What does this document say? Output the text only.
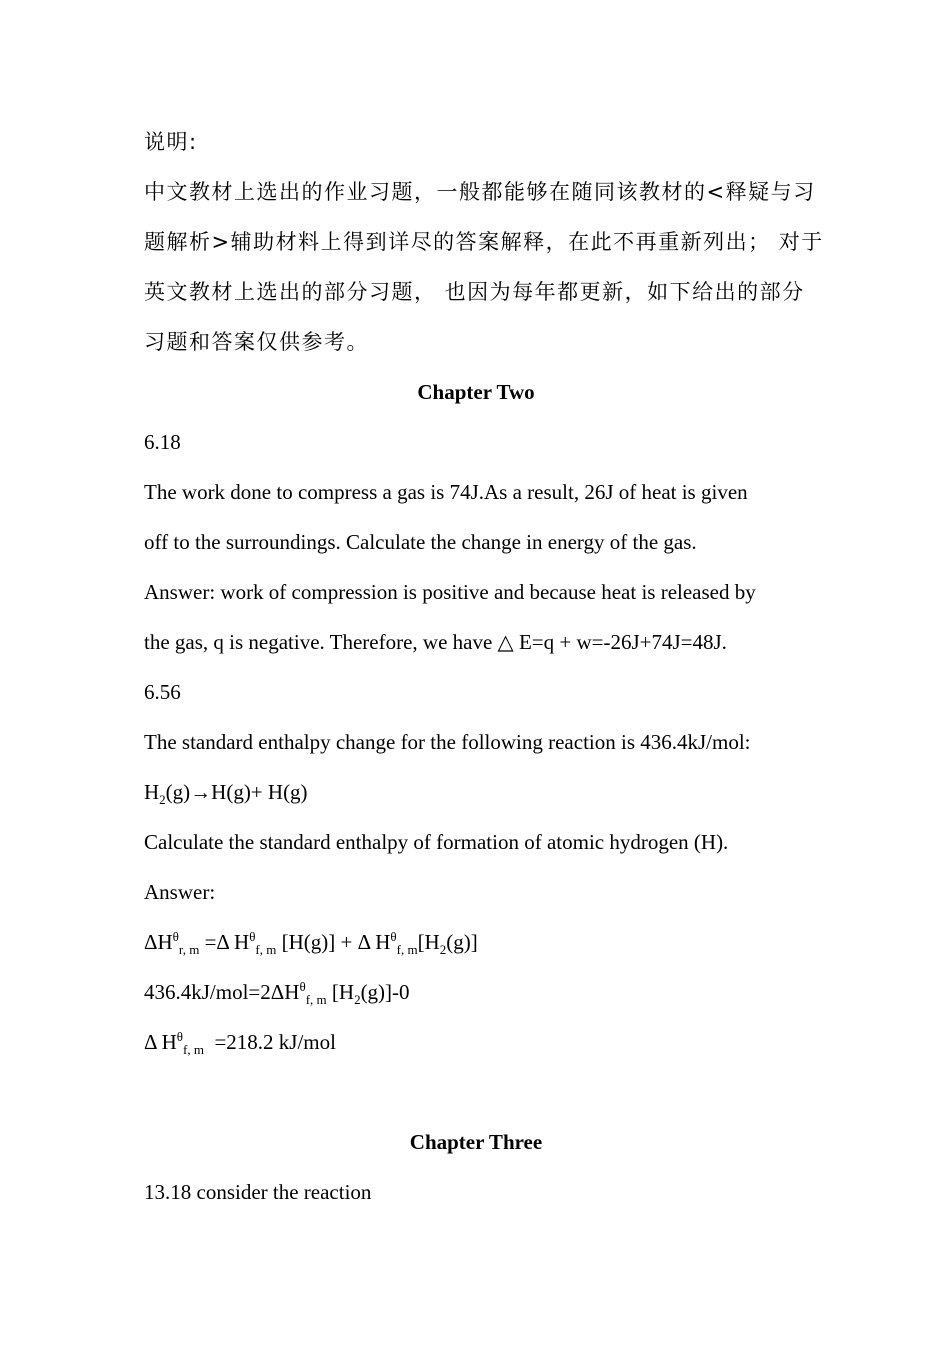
说明:
中文教材上选出的作业习题，一般都能够在随同该教材的<释疑与习
题解析>辅助材料上得到详尽的答案解释，在此不再重新列出； 对于
英文教材上选出的部分习题， 也因为每年都更新，如下给出的部分
习题和答案仅供参考。
Chapter Two
6.18
The work done to compress a gas is 74J.As a result, 26J of heat is given
off to the surroundings. Calculate the change in energy of the gas.
Answer: work of compression is positive and because heat is released by
the gas, q is negative. Therefore, we have △ E=q + w=-26J+74J=48J.
6.56
The standard enthalpy change for the following reaction is 436.4kJ/mol:
$H_2(g)\to H(g)+ H(g)$
Calculate the standard enthalpy of formation of atomic hydrogen (H).
Answer:
$\Delta H^\theta_{r, m} =\Delta$ $H^\theta_{f, m}$ [H(g)] + Δ $H^\theta_{f, m}[H_2(g)]$
$436.4kJ/mol=2\Delta H^\theta_{f, m}$ $[H_2(g)]-0$
Δ $H^\theta_{f, m} =218.2$ kJ/mol
Chapter Three
13.18 consider the reaction
